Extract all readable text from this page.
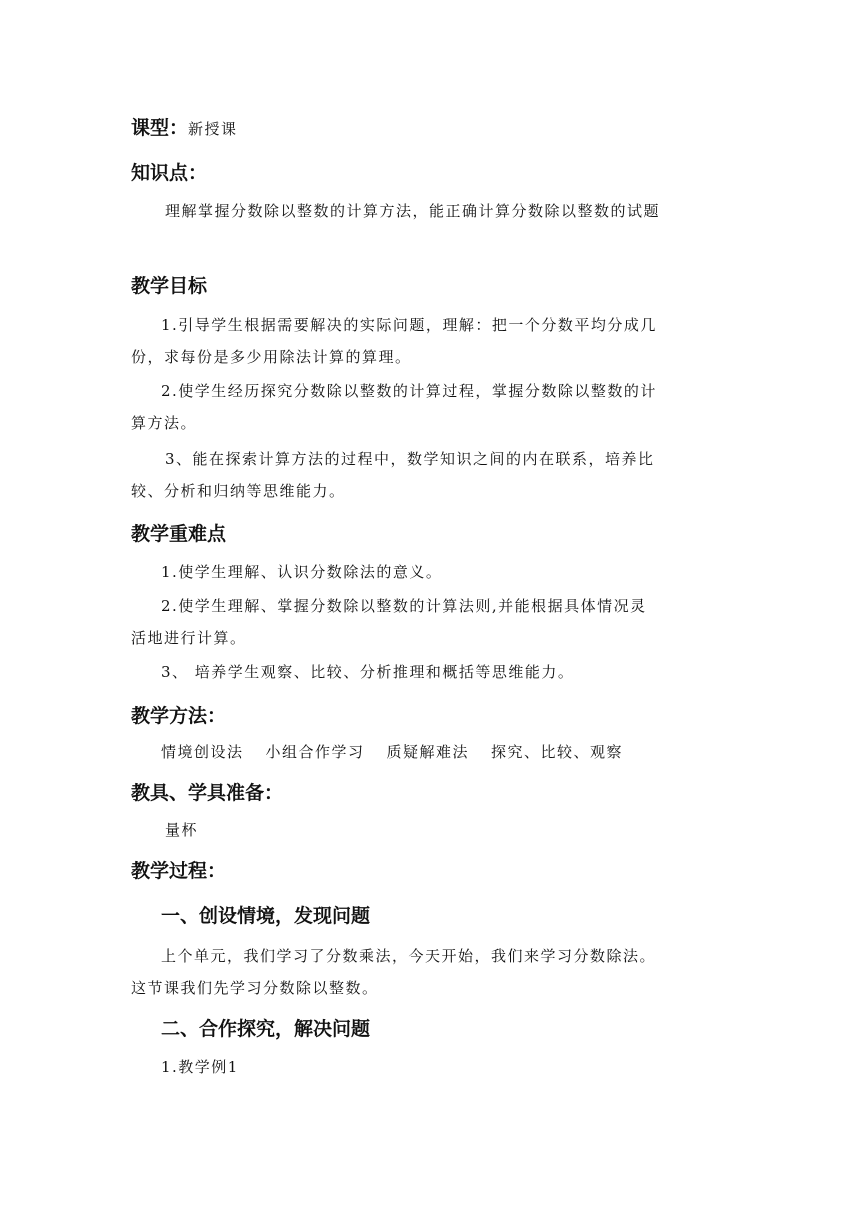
课型：新授课
知识点：

理解掌握分数除以整数的计算方法，能正确计算分数除以整数的试题

教学目标

1.引导学生根据需要解决的实际问题，理解：把一个分数平均分成几份，求每份是多少用除法计算的算理。

2.使学生经历探究分数除以整数的计算过程，掌握分数除以整数的计算方法。

3、能在探索计算方法的过程中，数学知识之间的内在联系，培养比较、分析和归纳等思维能力。

教学重难点

1.使学生理解、认识分数除法的意义。

2.使学生理解、掌握分数除以整数的计算法则,并能根据具体情况灵活地进行计算。

3、 培养学生观察、比较、分析推理和概括等思维能力。

教学方法：
情境创设法 小组合作学习 质疑解难法 探究、比较、观察
教具、学具准备：

量杯

教学过程：
一、创设情境，发现问题

上个单元，我们学习了分数乘法，今天开始，我们来学习分数除法。这节课我们先学习分数除以整数。

二、合作探究，解决问题

1.教学例1
